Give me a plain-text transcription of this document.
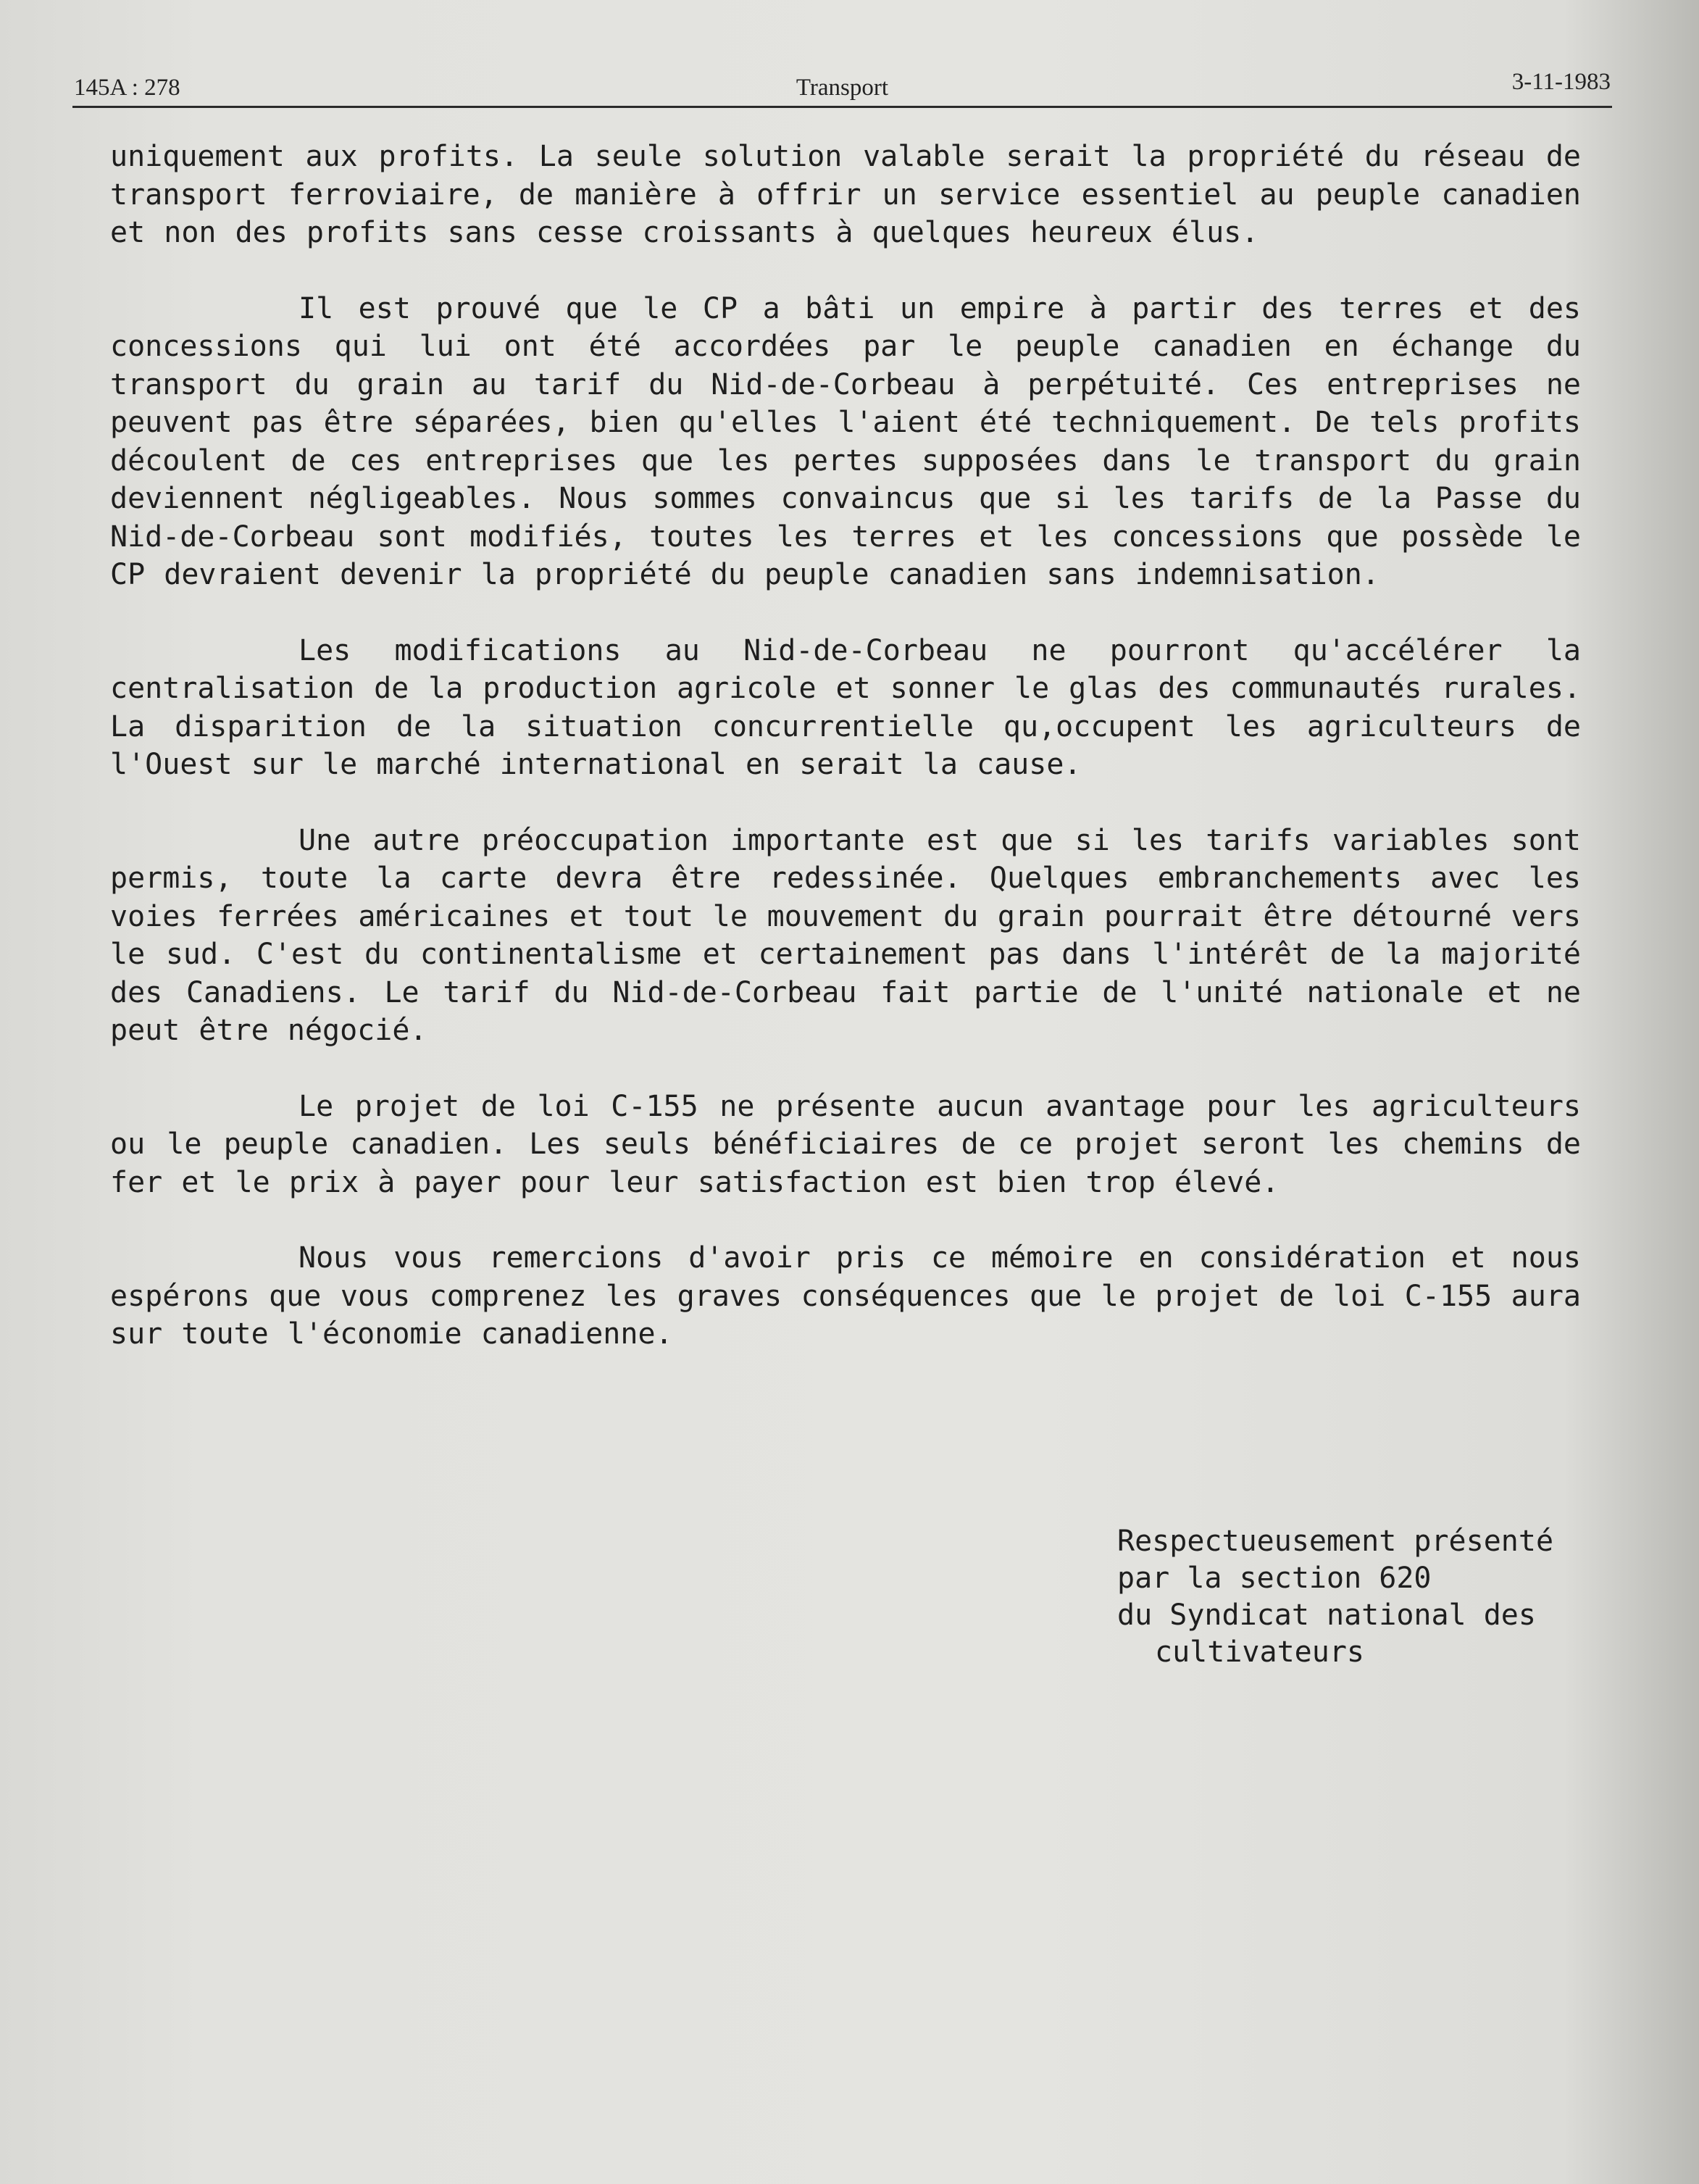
145A : 278	Transport	3-11-1983

uniquement aux profits. La seule solution valable serait la propriété du réseau de transport ferroviaire, de manière à offrir un service essentiel au peuple canadien et non des profits sans cesse croissants à quelques heureux élus.

Il est prouvé que le CP a bâti un empire à partir des terres et des concessions qui lui ont été accordées par le peuple canadien en échange du transport du grain au tarif du Nid-de-Corbeau à perpétuité. Ces entreprises ne peuvent pas être séparées, bien qu'elles l'aient été techniquement. De tels profits découlent de ces entreprises que les pertes supposées dans le transport du grain deviennent négligeables. Nous sommes convaincus que si les tarifs de la Passe du Nid-de-Corbeau sont modifiés, toutes les terres et les concessions que possède le CP devraient devenir la propriété du peuple canadien sans indemnisation.

Les modifications au Nid-de-Corbeau ne pourront qu'accélérer la centralisation de la production agricole et sonner le glas des communautés rurales. La disparition de la situation concurrentielle qu,occupent les agriculteurs de l'Ouest sur le marché international en serait la cause.

Une autre préoccupation importante est que si les tarifs variables sont permis, toute la carte devra être redessinée. Quelques embranchements avec les voies ferrées américaines et tout le mouvement du grain pourrait être détourné vers le sud. C'est du continentalisme et certainement pas dans l'intérêt de la majorité des Canadiens. Le tarif du Nid-de-Corbeau fait partie de l'unité nationale et ne peut être négocié.

Le projet de loi C-155 ne présente aucun avantage pour les agriculteurs ou le peuple canadien. Les seuls bénéficiaires de ce projet seront les chemins de fer et le prix à payer pour leur satisfaction est bien trop élevé.

Nous vous remercions d'avoir pris ce mémoire en considération et nous espérons que vous comprenez les graves conséquences que le projet de loi C-155 aura sur toute l'économie canadienne.

Respectueusement présenté
par la section 620
du Syndicat national des
cultivateurs
